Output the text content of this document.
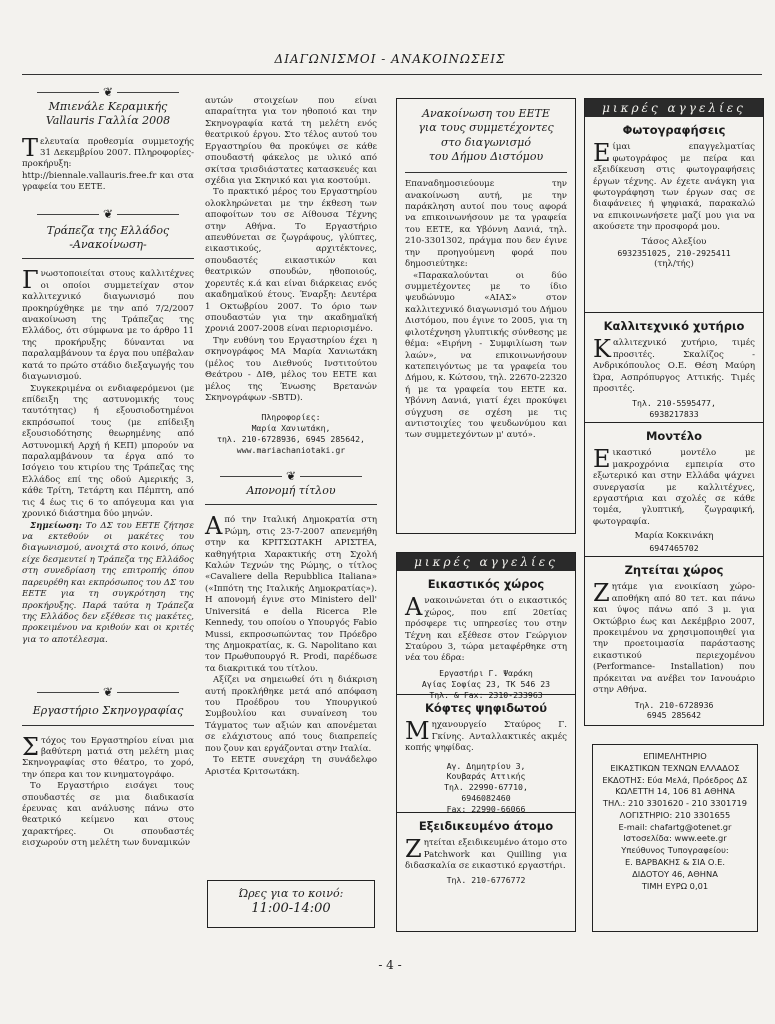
ΔΙΑΓΩΝΙΣΜΟΙ - ΑΝΑΚΟΙΝΩΣΕΙΣ
❦
Μπιενάλε Κεραμικής
Vallauris Γαλλία 2008

Τελευταία προθεσμία συμμετοχής 31 Δεκεμβρίου 2007. Πληροφορίες-προκήρυξη: http://biennale.vallauris.free.fr και στα γραφεία του ΕΕΤΕ.

❦
Τράπεζα της Ελλάδος
-Ανακοίνωση-

Γνωστοποιείται στους καλλιτέχνες οι οποίοι συμμετείχαν στον καλλιτεχνικό διαγωνισμό που προκηρύχθηκε με την από 7/2/2007 ανακοίνωση της Τράπεζας της Ελλάδος, ότι σύμφωνα με το άρθρο 11 της προκήρυξης δύνανται να παραλαμβάνουν τα έργα που υπέβαλαν κατά το πρώτο στάδιο διεξαγωγής του διαγωνισμού.

Συγκεκριμένα οι ενδιαφερόμενοι (με επίδειξη της αστυνομικής τους ταυτότητας) ή εξουσιοδοτημένοι εκπρόσωποί τους (με επίδειξη εξουσιοδότησης θεωρημένης από Αστυνομική Αρχή ή ΚΕΠ) μπορούν να παραλαμβάνουν τα έργα από το Ισόγειο του κτιρίου της Τράπεζας της Ελλάδος επί της οδού Αμερικής 3, κάθε Τρίτη, Τετάρτη και Πέμπτη, από τις 4 έως τις 6 το απόγευμα και για χρονικό διάστημα δύο μηνών.

Σημείωση: Το ΔΣ του ΕΕΤΕ ζήτησε να εκτεθούν οι μακέτες του διαγωνισμού, ανοιχτά στο κοινό, όπως είχε δεσμευτεί η Τράπεζα της Ελλάδος στη συνεδρίαση της επιτροπής όπου παρευρέθη και εκπρόσωπος του ΔΣ του ΕΕΤΕ για τη συγκρότηση της προκήρυξης. Παρά ταύτα η Τράπεζα της Ελλάδος δεν εξέθεσε τις μακέτες, προκειμένου να κριθούν και οι κριτές για το αποτέλεσμα.

❦
Εργαστήριο Σκηνογραφίας

Στόχος του Εργαστηρίου είναι μια βαθύτερη ματιά στη μελέτη μιας Σκηνογραφίας στο θέατρο, το χορό, την όπερα και τον κινηματογράφο.

Το Εργαστήριο εισάγει τους σπουδαστές σε μια διαδικασία έρευνας και ανάλυσης πάνω στο θεατρικό κείμενο και στους χαρακτήρες. Οι σπουδαστές εισχωρούν στη μελέτη των δυναμικών

αυτών στοιχείων που είναι απαραίτητα για τον ηθοποιό και την Σκηνογραφία κατά τη μελέτη ενός θεατρικού έργου. Στο τέλος αυτού του Εργαστηρίου θα προκύψει σε κάθε σπουδαστή φάκελος με υλικό από σκίτσα τρισδιάστατες κατασκευές και σχέδια για Σκηνικό και για κοστούμι.

Το πρακτικό μέρος του Εργαστηρίου ολοκληρώνεται με την έκθεση των αποφοίτων του σε Αίθουσα Τέχνης στην Αθήνα. Το Εργαστήριο απευθύνεται σε ζωγράφους, γλύπτες, εικαστικούς, αρχιτέκτονες, σπουδαστές εικαστικών και θεατρικών σπουδών, ηθοποιούς, χορευτές κ.ά και είναι διάρκειας ενός ακαδημαϊκού έτους. Έναρξη: Δευτέρα 1 Οκτωβρίου 2007. Το όριο των σπουδαστών για την ακαδημαϊκή χρονιά 2007-2008 είναι περιορισμένο.

Την ευθύνη του Εργαστηρίου έχει η σκηνογράφος ΜΑ Μαρία Χανιωτάκη (μέλος του Διεθνούς Ινστιτούτου Θεάτρου - ΔΙΘ, μέλος του ΕΕΤΕ και μέλος της Ένωσης Βρετανών Σκηνογράφων -SBTD).

Πληροφορίες:
Μαρία Χανιωτάκη,
τηλ. 210-6728936, 6945 285642,
www.mariachaniotaki.gr
❦
Απονομή τίτλου

Από την Ιταλική Δημοκρατία στη Ρώμη, στις 23-7-2007 απενεμήθη στην κα ΚΡΙΤΣΩΤΑΚΗ ΑΡΙΣΤΕΑ, καθηγήτρια Χαρακτικής στη Σχολή Καλών Τεχνών της Ρώμης, ο τίτλος «Cavaliere della Repubblica Italiana» («Ιππότη της Ιταλικής Δημοκρατίας»). Η απονομή έγινε στο Ministero dell' Universitá e della Ricerca P.le Kennedy, του οποίου ο Υπουργός Fabio Mussi, εκπροσωπώντας τον Πρόεδρο της Δημοκρατίας, κ. G. Napolitano και τον Πρωθυπουργό R. Prodi, παρέδωσε τα διακριτικά του τίτλου.

Αξίζει να σημειωθεί ότι η διάκριση αυτή προκλήθηκε μετά από απόφαση του Προέδρου του Υπουργικού Συμβουλίου και συναίνεση του Τάγματος των αξιών και απονέμεται σε ελάχιστους από τους διαπρεπείς που ζουν και εργάζονται στην Ιταλία.

Το ΕΕΤΕ συνεχάρη τη συνάδελφο Αριστέα Κριτσωτάκη.

Ώρες για το κοινό:
11:00-14:00
Ανακοίνωση του ΕΕΤΕ
για τους συμμετέχοντες
στο διαγωνισμό
του Δήμου Διστόμου

Επαναδημοσιεύουμε την ανακοίνωση αυτή, με την παράκληση αυτοί που τους αφορά να επικοινωνήσουν με τα γραφεία του ΕΕΤΕ, κα Υβόννη Δανιά, τηλ. 210-3301302, πράγμα που δεν έγινε την προηγούμενη φορά που δημοσιεύτηκε:

«Παρακαλούνται οι δύο συμμετέχοντες με το ίδιο ψευδώνυμο «ΑΙΑΣ» στον καλλιτεχνικό διαγωνισμό του Δήμου Διστόμου, που έγινε το 2005, για τη φιλοτέχνηση γλυπτικής σύνθεσης με θέμα: «Ειρήνη - Συμφιλίωση των λαών», να επικοινωνήσουν κατεπειγόντως με τα γραφεία του Δήμου, κ. Κώτσου, τηλ. 22670-22320 ή με τα γραφεία του ΕΕΤΕ κα. Υβόννη Δανιά, γιατί έχει προκύψει σύγχυση σε σχέση με τις αντιστοιχίες του ψευδωνύμου και των συμμετεχόντων μ' αυτό».

μικρές αγγελίες
Εικαστικός χώρος

Ανακοινώνεται ότι ο εικαστικός χώρος, που επί 20ετίας πρόσφερε τις υπηρεσίες του στην Τέχνη και εξέθεσε στον Γεώργιον Σταύρου 3, τώρα μεταφέρθηκε στη νέα του έδρα:

Εργαστήρι Γ. Ψαράκη
Αγίας Σοφίας 23, ΤΚ 546 23
Τηλ. & Fax: 2310-233963
Κόφτες ψηφιδωτού

Μηχανουργείο Σταύρος Γ. Γκίνης. Ανταλλακτικές ακμές κοπής ψηφίδας.

Αγ. Δημητρίου 3,
Κουβαράς Αττικής
Τηλ. 22990-67710,
6946082460
Fax: 22990-66066
Εξειδικευμένο άτομο

Ζητείται εξειδικευμένο άτομο στο Patchwork και Quilling για διδασκαλία σε εικαστικό εργαστήρι.

Τηλ. 210-6776772
μικρές αγγελίες
Φωτογραφήσεις

Είμαι επαγγελματίας φωτογράφος με πείρα και εξειδίκευση στις φωτογραφήσεις έργων τέχνης. Αν έχετε ανάγκη για φωτογράφηση των έργων σας σε διαφάνειες ή ψηφιακά, παρακαλώ να επικοινωνήσετε μαζί μου για να ακούσετε την προσφορά μου.

Τάσος Αλεξίου
6932351025, 210-2925411
(τηλ/τής)
Καλλιτεχνικό χυτήριο

Καλλιτεχνικό χυτήριο, τιμές προσιτές. Σκαλίζος - Ανδρικόπουλος Ο.Ε. Θέση Μαύρη Ώρα, Ασπρόπυργος Αττικής. Τιμές προσιτές.

Τηλ. 210-5595477,
6938217833
Μοντέλο

Εικαστικό μοντέλο με μακροχρόνια εμπειρία στο εξωτερικό και στην Ελλάδα ψάχνει συνεργασία με καλλιτέχνες, εργαστήρια και σχολές σε κάθε τομέα, γλυπτική, ζωγραφική, φωτογραφία.

Μαρία Κοκκινάκη
6947465702
Ζητείται χώρος

Ζητάμε για ενοικίαση χώρο-αποθήκη από 80 τετ. και πάνω και ύψος πάνω από 3 μ. για Οκτώβριο έως και Δεκέμβριο 2007, προκειμένου να χρησιμοποιηθεί για την προετοιμασία παράστασης εικαστικού περιεχομένου (Performance- Installation) που πρόκειται να ανέβει τον Ιανουάριο στην Αθήνα.

Τηλ. 210-6728936
6945 285642
ΕΠΙΜΕΛΗΤΗΡΙΟ
ΕΙΚΑΣΤΙΚΩΝ ΤΕΧΝΩΝ ΕΛΛΑΔΟΣ
ΕΚΔΟΤΗΣ: Εύα Μελά, Πρόεδρος ΔΣ
ΚΩΛΕΤΤΗ 14, 106 81 ΑΘΗΝΑ
ΤΗΛ.: 210 3301620 - 210 3301719
ΛΟΓΙΣΤΗΡΙΟ: 210 3301655
E-mail: chafartg@otenet.gr
Ιστοσελίδα: www.eete.gr
Υπεύθυνος Τυπογραφείου:
Ε. ΒΑΡΒΑΚΗΣ & ΣΙΑ Ο.Ε.
ΔΙΔΟΤΟΥ 46, ΑΘΗΝΑ
ΤΙΜΗ ΕΥΡΩ 0,01
- 4 -
